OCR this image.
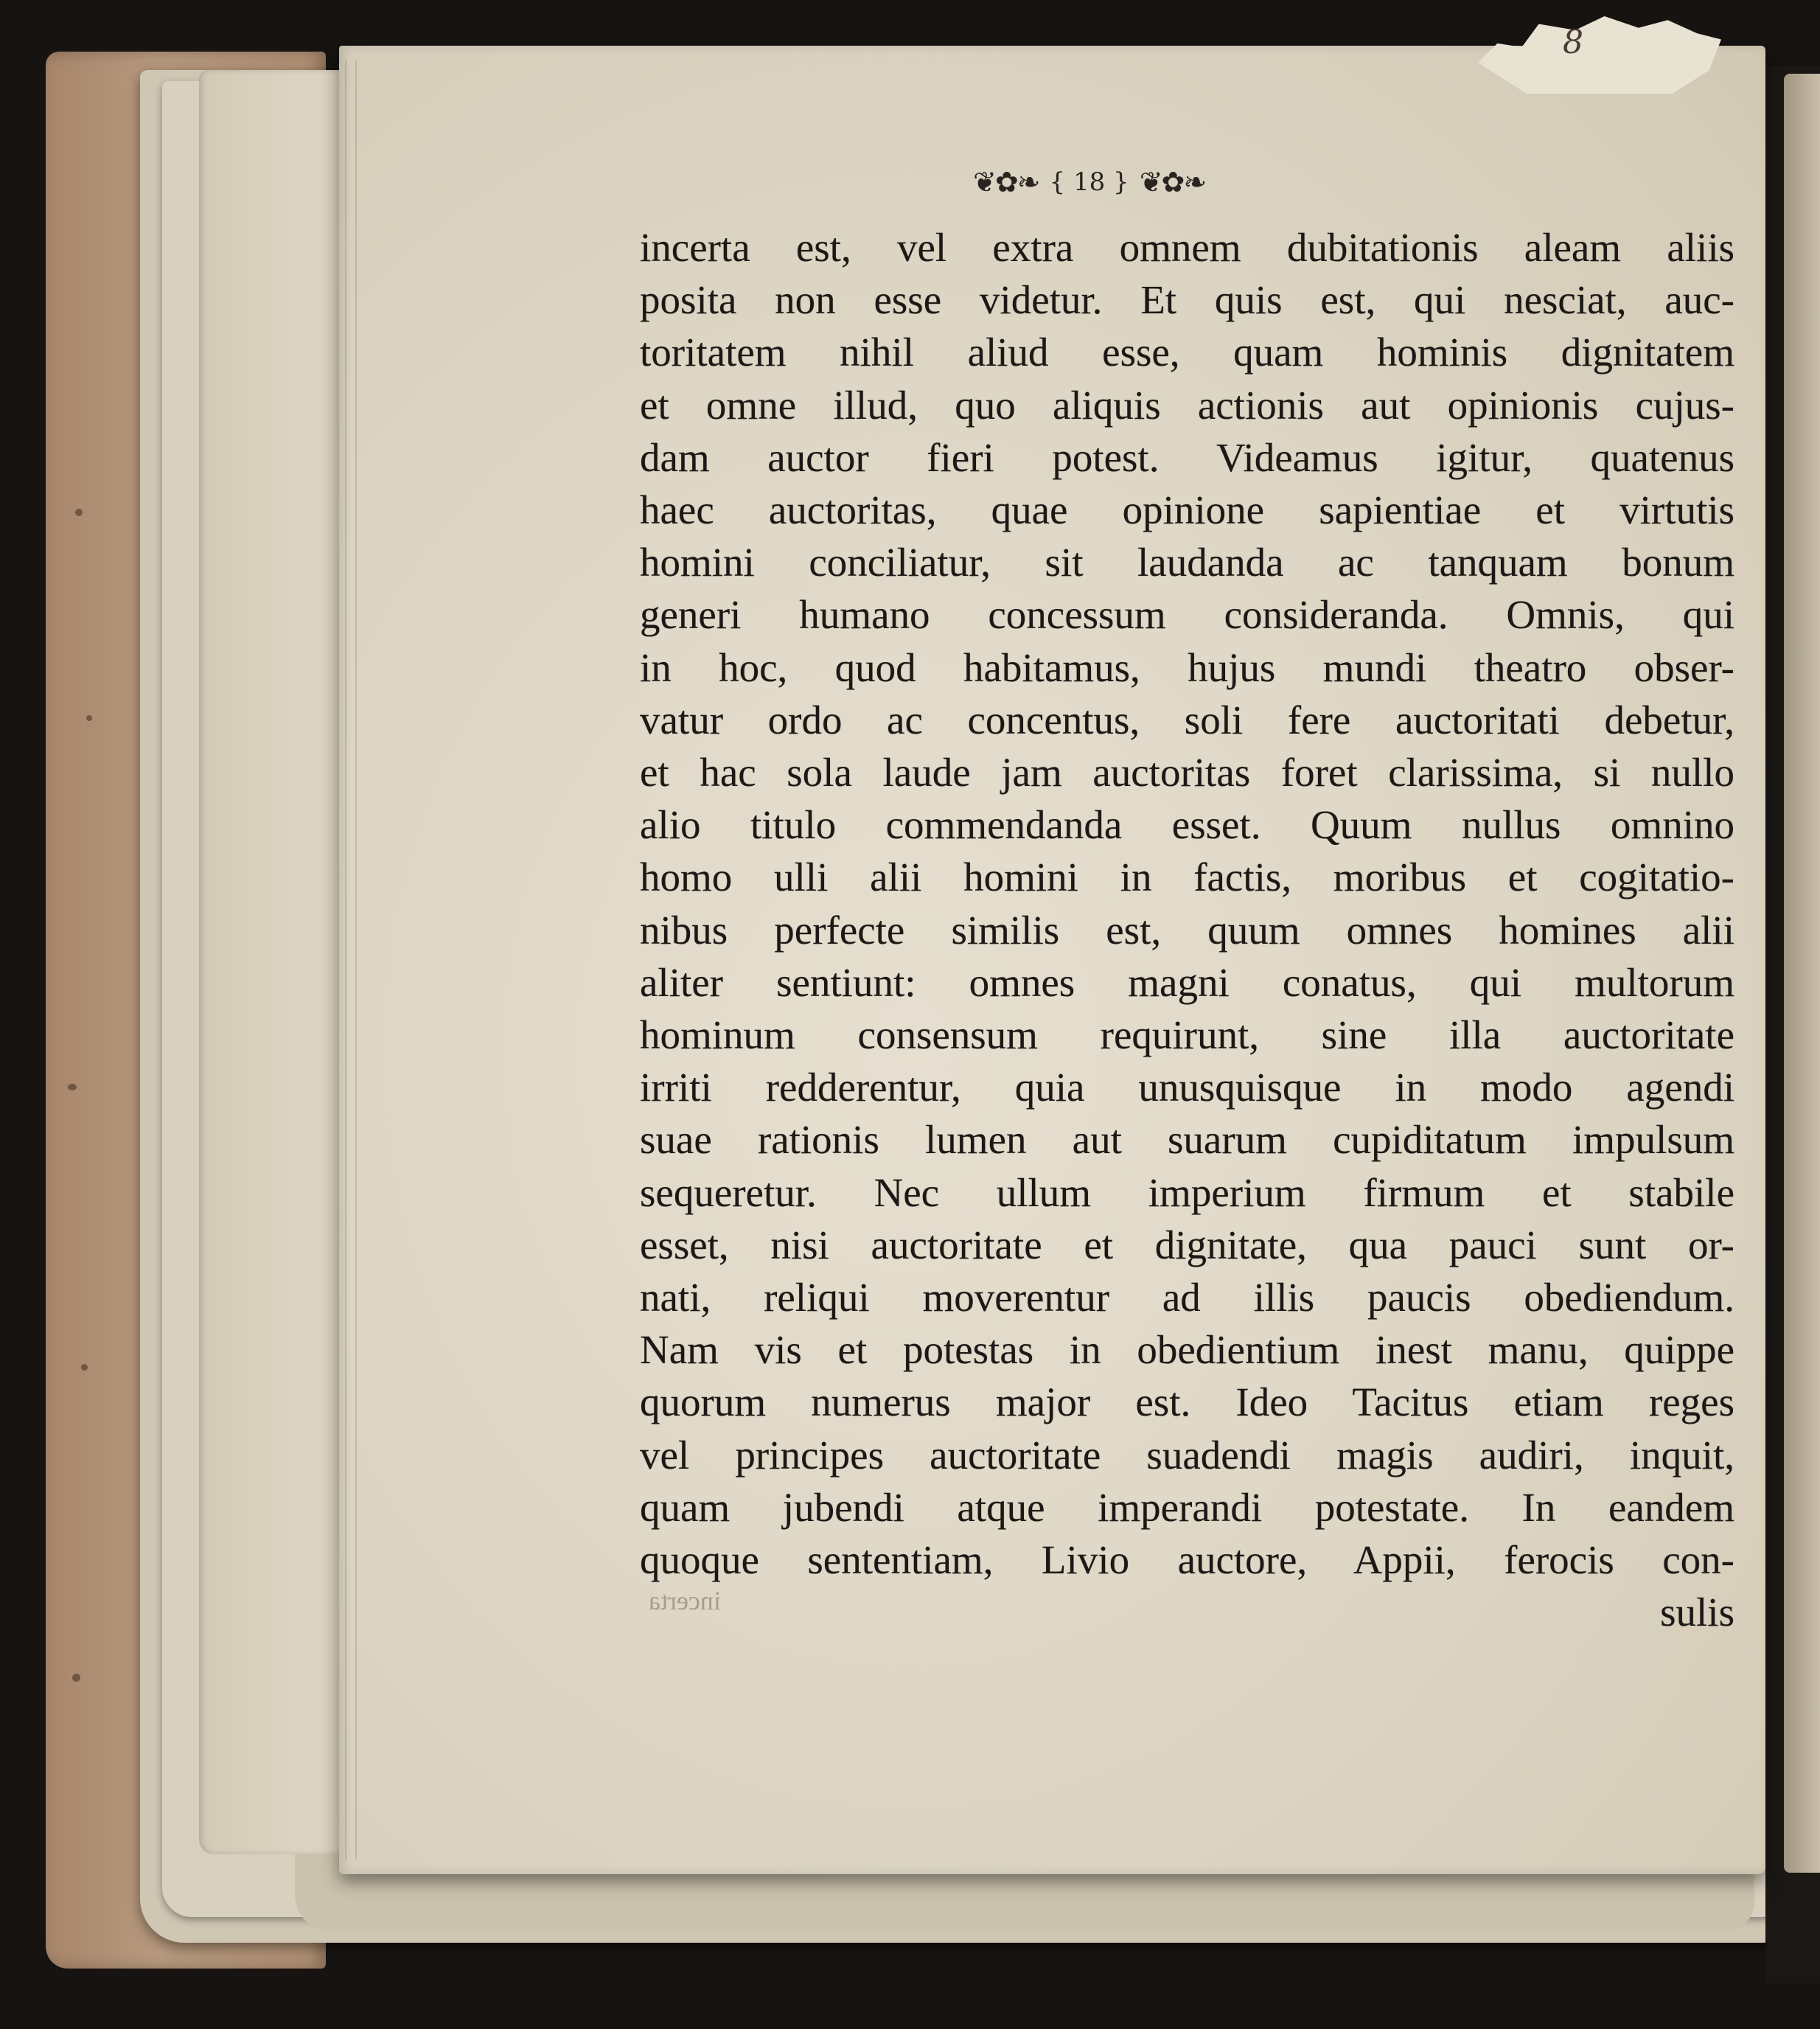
8
❦✿❧ { 18 } ❦✿❧
incerta est, vel extra omnem dubitationis aleam aliis
posita non esse videtur. Et quis est, qui nesciat, auc-
toritatem nihil aliud esse, quam hominis dignitatem
et omne illud, quo aliquis actionis aut opinionis cujus-
dam auctor fieri potest. Videamus igitur, quatenus
haec auctoritas, quae opinione sapientiae et virtutis
homini conciliatur, sit laudanda ac tanquam bonum
generi humano concessum consideranda. Omnis, qui
in hoc, quod habitamus, hujus mundi theatro obser-
vatur ordo ac concentus, soli fere auctoritati debetur,
et hac sola laude jam auctoritas foret clarissima, si nullo
alio titulo commendanda esset. Quum nullus omnino
homo ulli alii homini in factis, moribus et cogitatio-
nibus perfecte similis est, quum omnes homines alii
aliter sentiunt: omnes magni conatus, qui multorum
hominum consensum requirunt, sine illa auctoritate
irriti redderentur, quia unusquisque in modo agendi
suae rationis lumen aut suarum cupiditatum impulsum
sequeretur. Nec ullum imperium firmum et stabile
esset, nisi auctoritate et dignitate, qua pauci sunt or-
nati, reliqui moverentur ad illis paucis obediendum.
Nam vis et potestas in obedientium inest manu, quippe
quorum numerus major est. Ideo Tacitus etiam reges
vel principes auctoritate suadendi magis audiri, inquit,
quam jubendi atque imperandi potestate. In eandem
quoque sententiam, Livio auctore, Appii, ferocis con-
sulis
incerta
